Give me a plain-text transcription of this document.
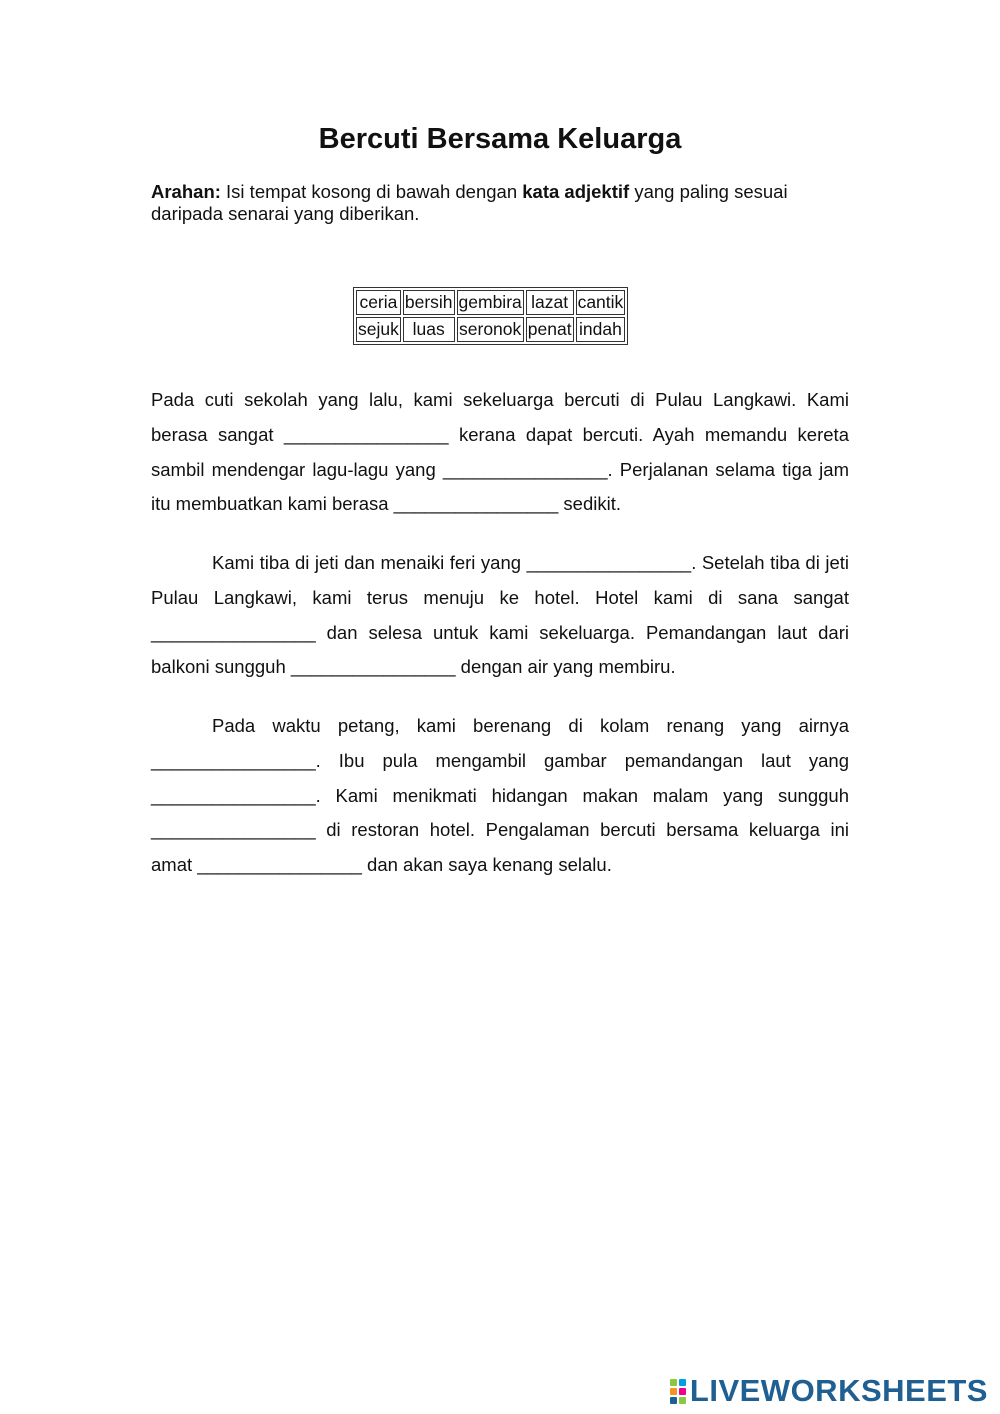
Bercuti Bersama Keluarga
Arahan: Isi tempat kosong di bawah dengan kata adjektif yang paling sesuai daripada senarai yang diberikan.
ceria	bersih	gembira	lazat	cantik
sejuk	luas	seronok	penat	indah
Pada cuti sekolah yang lalu, kami sekeluarga bercuti di Pulau Langkawi. Kami berasa sangat ________________ kerana dapat bercuti. Ayah memandu kereta sambil mendengar lagu-lagu yang ________________. Perjalanan selama tiga jam itu membuatkan kami berasa ________________ sedikit.
Kami tiba di jeti dan menaiki feri yang ________________. Setelah tiba di jeti Pulau Langkawi, kami terus menuju ke hotel. Hotel kami di sana sangat ________________ dan selesa untuk kami sekeluarga. Pemandangan laut dari balkoni sungguh ________________ dengan air yang membiru.
Pada waktu petang, kami berenang di kolam renang yang airnya ________________. Ibu pula mengambil gambar pemandangan laut yang ________________. Kami menikmati hidangan makan malam yang sungguh ________________ di restoran hotel. Pengalaman bercuti bersama keluarga ini amat ________________ dan akan saya kenang selalu.
LIVEWORKSHEETS
